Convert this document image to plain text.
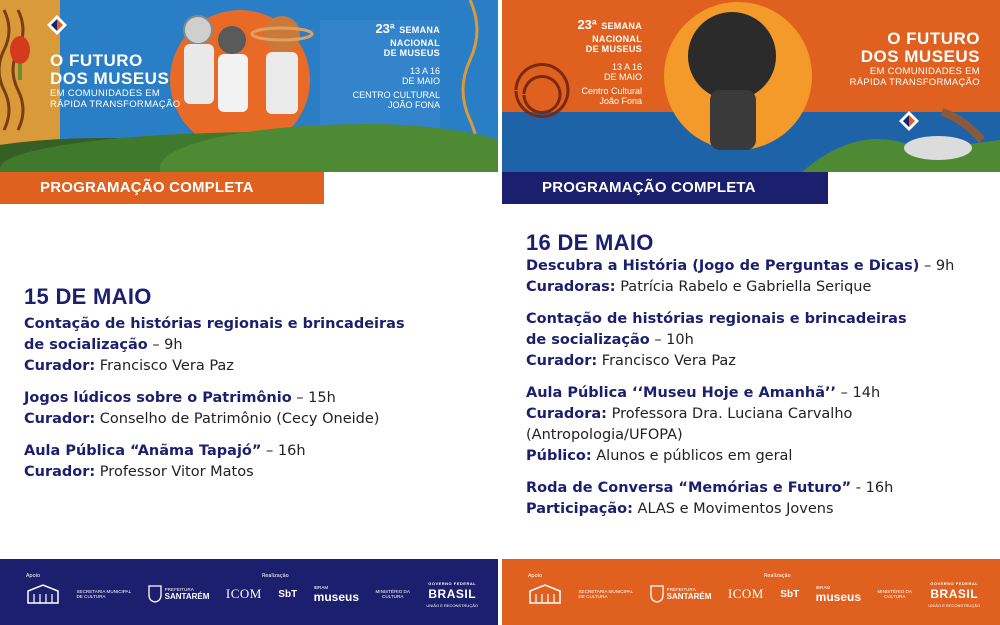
O FUTURO
DOS MUSEUS
EM COMUNIDADES EM
RÁPIDA TRANSFORMAÇÃO
23ª SEMANA
NACIONAL
DE MUSEUS
13 A 16
DE MAIO
CENTRO CULTURAL
JOÃO FONA
PROGRAMAÇÃO COMPLETA
15 DE MAIO
Contação de histórias regionais e brincadeiras
de socialização – 9h
Curador: Francisco Vera Paz
Jogos lúdicos sobre o Patrimônio – 15h
Curador: Conselho de Patrimônio (Cecy Oneide)
Aula Pública “Anãma Tapajó” – 16h
Curador: Professor Vitor Matos
Apoio	Realização
SECRETARIA MUNICIPAL
DE CULTURA
PREFEITURA
SANTARÉM ICOM SbT
IBRAM
museus	MINISTÉRIO DA
CULTURA
GOVERNO FEDERAL
BRASIL
UNIÃO E RECONSTRUÇÃO
O FUTURO
DOS MUSEUS
EM COMUNIDADES EM
RÁPIDA TRANSFORMAÇÃO
23ª SEMANA
NACIONAL
DE MUSEUS
13 A 16
DE MAIO
Centro Cultural
João Fona
PROGRAMAÇÃO COMPLETA
16 DE MAIO
Descubra a História (Jogo de Perguntas e Dicas) – 9h
Curadoras: Patrícia Rabelo e Gabriella Serique
Contação de histórias regionais e brincadeiras
de socialização – 10h
Curador: Francisco Vera Paz
Aula Pública ‘‘Museu Hoje e Amanhã’’ – 14h
Curadora: Professora Dra. Luciana Carvalho
(Antropologia/UFOPA)
Público: Alunos e públicos em geral
Roda de Conversa “Memórias e Futuro” - 16h
Participação: ALAS e Movimentos Jovens
Apoio	Realização
SECRETARIA MUNICIPAL
DE CULTURA
PREFEITURA
SANTARÉM ICOM SbT
IBRAM
museus	MINISTÉRIO DA
CULTURA
GOVERNO FEDERAL
BRASIL
UNIÃO E RECONSTRUÇÃO
